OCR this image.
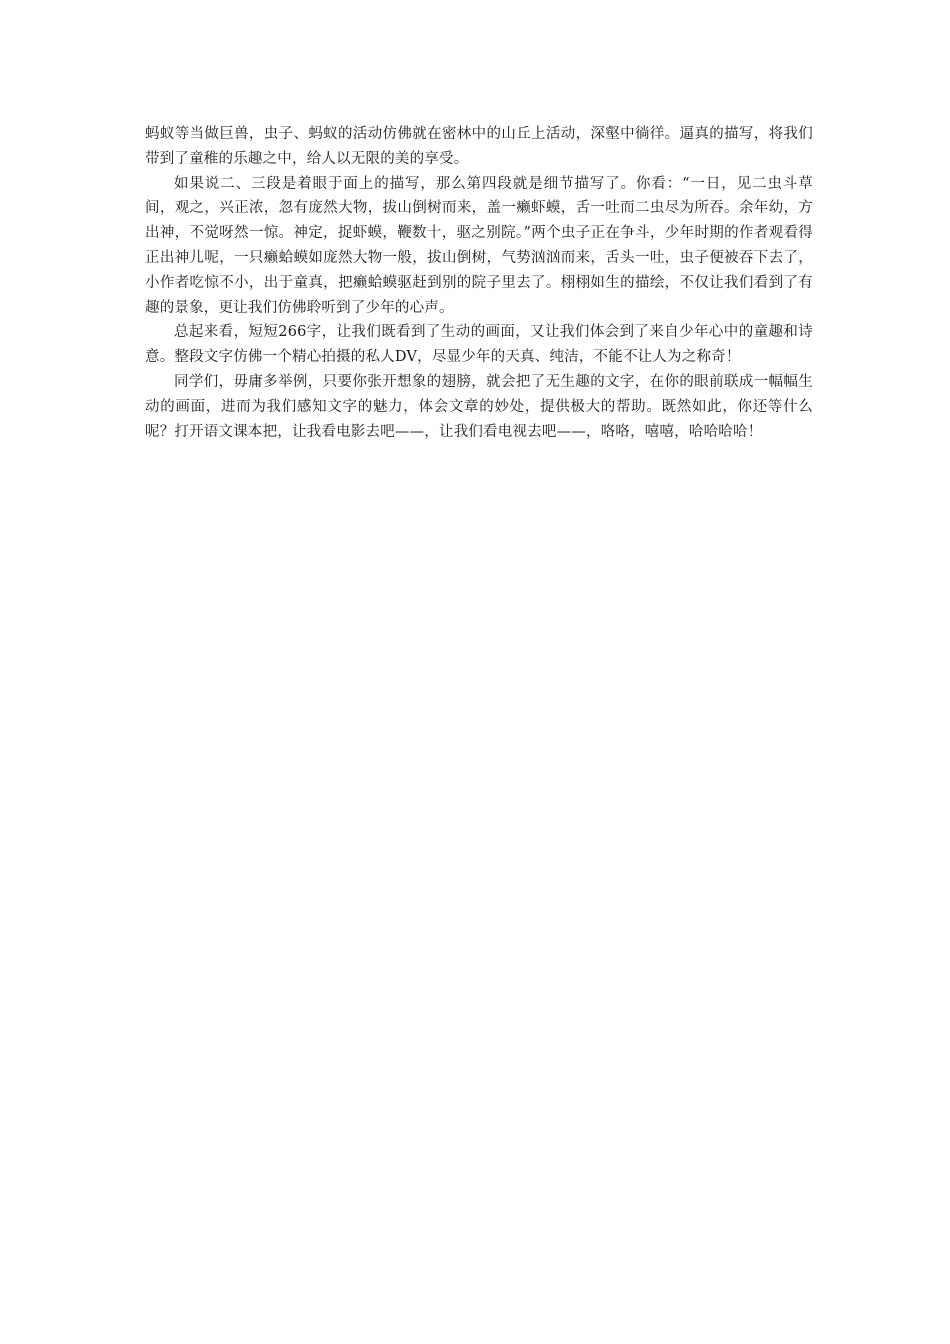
蚂蚁等当做巨兽，虫子、蚂蚁的活动仿佛就在密林中的山丘上活动，深壑中徜徉。逼真的描写，将我们带到了童稚的乐趣之中，给人以无限的美的享受。

如果说二、三段是着眼于面上的描写，那么第四段就是细节描写了。你看：“一日，见二虫斗草间，观之，兴正浓，忽有庞然大物，拔山倒树而来，盖一癞虾蟆，舌一吐而二虫尽为所吞。余年幼，方出神，不觉呀然一惊。神定，捉虾蟆，鞭数十，驱之别院。”两个虫子正在争斗，少年时期的作者观看得正出神儿呢，一只癞蛤蟆如庞然大物一般，拔山倒树，气势汹汹而来，舌头一吐，虫子便被吞下去了，小作者吃惊不小，出于童真，把癞蛤蟆驱赶到别的院子里去了。栩栩如生的描绘，不仅让我们看到了有趣的景象，更让我们仿佛聆听到了少年的心声。

总起来看，短短266字，让我们既看到了生动的画面，又让我们体会到了来自少年心中的童趣和诗意。整段文字仿佛一个精心拍摄的私人DV，尽显少年的天真、纯洁，不能不让人为之称奇！

同学们，毋庸多举例，只要你张开想象的翅膀，就会把了无生趣的文字，在你的眼前联成一幅幅生动的画面，进而为我们感知文字的魅力，体会文章的妙处，提供极大的帮助。既然如此，你还等什么呢？打开语文课本把，让我看电影去吧——，让我们看电视去吧——，咯咯，嘻嘻，哈哈哈哈！
